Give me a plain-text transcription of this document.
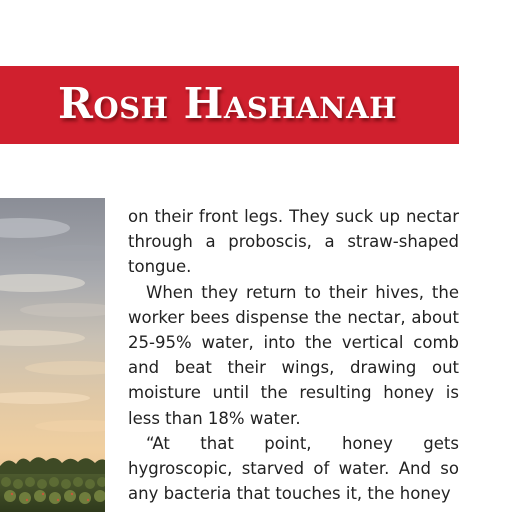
Rosh Hashanah

on their front legs. They suck up nectar through a proboscis, a straw-shaped tongue.

When they return to their hives, the worker bees dispense the nectar, about 25-95% water, into the vertical comb and beat their wings, drawing out moisture until the resulting honey is less than 18% water.

“At that point, honey gets hygroscopic, starved of water. And so any bacteria that touches it, the honey
